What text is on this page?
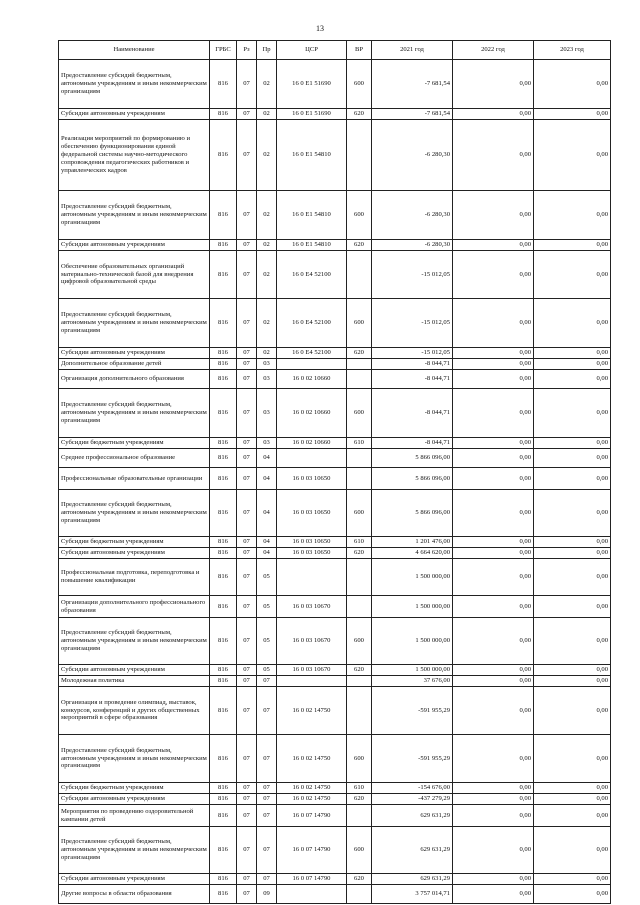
13
Наименование	ГРБС	Рз	Пр	ЦСР	ВР	2021 год	2022 год	2023 год
Предоставление субсидий бюджетным, автономным учреждениям и иным некоммерческим организациям	816	07	02	16 0 E1 51690	600	-7 681,54	0,00	0,00
Субсидии автономным учреждениям	816	07	02	16 0 E1 51690	620	-7 681,54	0,00	0,00
Реализация мероприятий по формированию и обеспечению функционирования единой федеральной системы научно-методического сопровождения педагогических работников и управленческих кадров	816	07	02	16 0 E1 54810		-6 280,30	0,00	0,00
Предоставление субсидий бюджетным, автономным учреждениям и иным некоммерческим организациям	816	07	02	16 0 E1 54810	600	-6 280,30	0,00	0,00
Субсидии автономным учреждениям	816	07	02	16 0 E1 54810	620	-6 280,30	0,00	0,00
Обеспечение образовательных организаций материально-технической базой для внедрения цифровой образовательной среды	816	07	02	16 0 E4 52100		-15 012,05	0,00	0,00
Предоставление субсидий бюджетным, автономным учреждениям и иным некоммерческим организациям	816	07	02	16 0 E4 52100	600	-15 012,05	0,00	0,00
Субсидии автономным учреждениям	816	07	02	16 0 E4 52100	620	-15 012,05	0,00	0,00
Дополнительное образование детей	816	07	03			-8 044,71	0,00	0,00
Организация дополнительного образования	816	07	03	16 0 02 10660		-8 044,71	0,00	0,00
Предоставление субсидий бюджетным, автономным учреждениям и иным некоммерческим организациям	816	07	03	16 0 02 10660	600	-8 044,71	0,00	0,00
Субсидии бюджетным учреждениям	816	07	03	16 0 02 10660	610	-8 044,71	0,00	0,00
Среднее профессиональное образование	816	07	04			5 866 096,00	0,00	0,00
Профессиональные образовательные организации	816	07	04	16 0 03 10650		5 866 096,00	0,00	0,00
Предоставление субсидий бюджетным, автономным учреждениям и иным некоммерческим организациям	816	07	04	16 0 03 10650	600	5 866 096,00	0,00	0,00
Субсидии бюджетным учреждениям	816	07	04	16 0 03 10650	610	1 201 476,00	0,00	0,00
Субсидии автономным учреждениям	816	07	04	16 0 03 10650	620	4 664 620,00	0,00	0,00
Профессиональная подготовка, переподготовка и повышение квалификации	816	07	05			1 500 000,00	0,00	0,00
Организации дополнительного профессионального образования	816	07	05	16 0 03 10670		1 500 000,00	0,00	0,00
Предоставление субсидий бюджетным, автономным учреждениям и иным некоммерческим организациям	816	07	05	16 0 03 10670	600	1 500 000,00	0,00	0,00
Субсидии автономным учреждениям	816	07	05	16 0 03 10670	620	1 500 000,00	0,00	0,00
Молодежная политика	816	07	07			37 676,00	0,00	0,00
Организация и проведение олимпиад, выставок, конкурсов, конференций и других общественных мероприятий в сфере образования	816	07	07	16 0 02 14750		-591 955,29	0,00	0,00
Предоставление субсидий бюджетным, автономным учреждениям и иным некоммерческим организациям	816	07	07	16 0 02 14750	600	-591 955,29	0,00	0,00
Субсидии бюджетным учреждениям	816	07	07	16 0 02 14750	610	-154 676,00	0,00	0,00
Субсидии автономным учреждениям	816	07	07	16 0 02 14750	620	-437 279,29	0,00	0,00
Мероприятия по проведению оздоровительной кампании детей	816	07	07	16 0 07 14790		629 631,29	0,00	0,00
Предоставление субсидий бюджетным, автономным учреждениям и иным некоммерческим организациям	816	07	07	16 0 07 14790	600	629 631,29	0,00	0,00
Субсидии автономным учреждениям	816	07	07	16 0 07 14790	620	629 631,29	0,00	0,00
Другие вопросы в области образования	816	07	09			3 757 014,71	0,00	0,00
